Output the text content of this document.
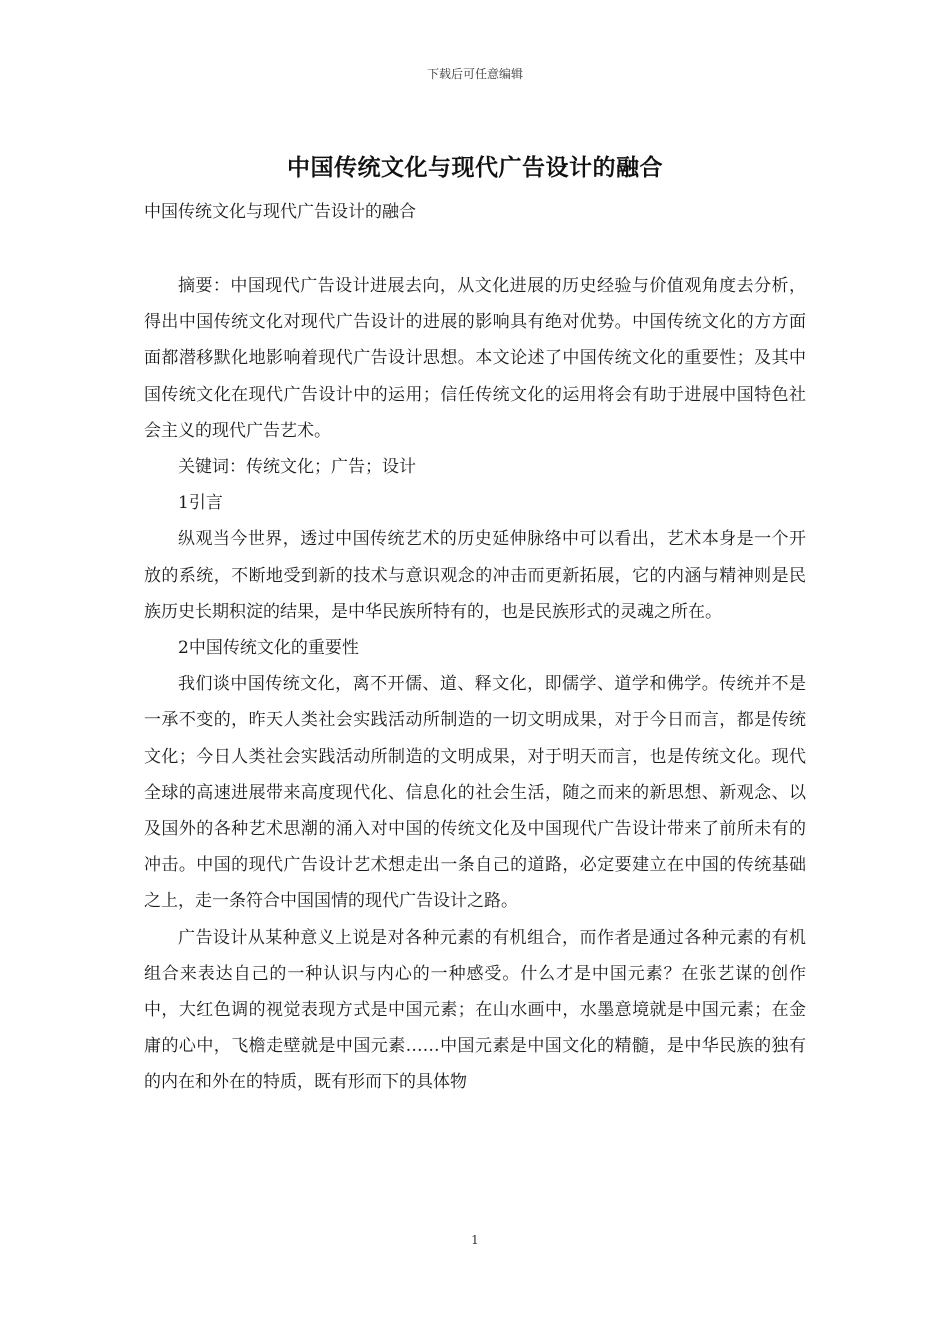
下载后可任意编辑
中国传统文化与现代广告设计的融合
中国传统文化与现代广告设计的融合

摘要：中国现代广告设计进展去向，从文化进展的历史经验与价值观角度去分析，得出中国传统文化对现代广告设计的进展的影响具有绝对优势。中国传统文化的方方面面都潜移默化地影响着现代广告设计思想。本文论述了中国传统文化的重要性；及其中国传统文化在现代广告设计中的运用；信任传统文化的运用将会有助于进展中国特色社会主义的现代广告艺术。

关键词：传统文化；广告；设计

1引言

纵观当今世界，透过中国传统艺术的历史延伸脉络中可以看出，艺术本身是一个开放的系统，不断地受到新的技术与意识观念的冲击而更新拓展，它的内涵与精神则是民族历史长期积淀的结果，是中华民族所特有的，也是民族形式的灵魂之所在。

2中国传统文化的重要性

我们谈中国传统文化，离不开儒、道、释文化，即儒学、道学和佛学。传统并不是一承不变的，昨天人类社会实践活动所制造的一切文明成果，对于今日而言，都是传统文化；今日人类社会实践活动所制造的文明成果，对于明天而言，也是传统文化。现代全球的高速进展带来高度现代化、信息化的社会生活，随之而来的新思想、新观念、以及国外的各种艺术思潮的涌入对中国的传统文化及中国现代广告设计带来了前所未有的冲击。中国的现代广告设计艺术想走出一条自己的道路，必定要建立在中国的传统基础之上，走一条符合中国国情的现代广告设计之路。

广告设计从某种意义上说是对各种元素的有机组合，而作者是通过各种元素的有机组合来表达自己的一种认识与内心的一种感受。什么才是中国元素？在张艺谋的创作中，大红色调的视觉表现方式是中国元素；在山水画中，水墨意境就是中国元素；在金庸的心中，飞檐走壁就是中国元素……中国元素是中国文化的精髓，是中华民族的独有的内在和外在的特质，既有形而下的具体物

1
